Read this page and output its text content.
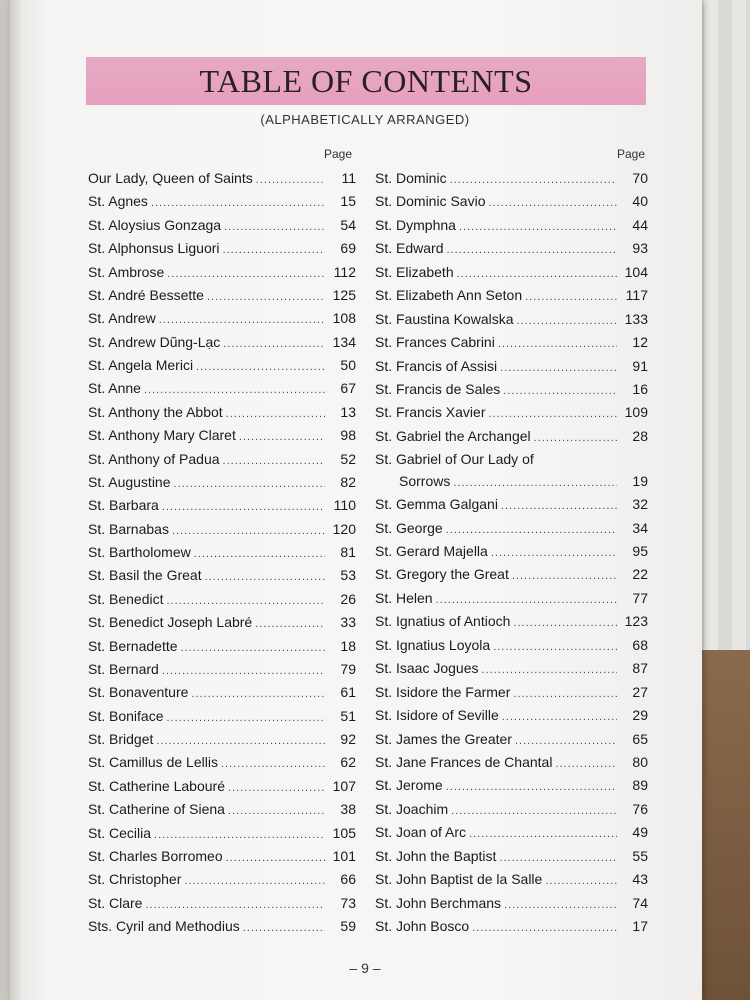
TABLE OF CONTENTS
(ALPHABETICALLY ARRANGED)
Page	Page
Our Lady, Queen of Saints .....	11
St. Agnes .....	15
St. Aloysius Gonzaga .....	54
St. Alphonsus Liguori .....	69
St. Ambrose .....	112
St. André Bessette .....	125
St. Andrew .....	108
St. Andrew Dũng-Lạc .....	134
St. Angela Merici .....	50
St. Anne .....	67
St. Anthony the Abbot .....	13
St. Anthony Mary Claret .....	98
St. Anthony of Padua .....	52
St. Augustine .....	82
St. Barbara .....	110
St. Barnabas .....	120
St. Bartholomew .....	81
St. Basil the Great .....	53
St. Benedict .....	26
St. Benedict Joseph Labré .....	33
St. Bernadette .....	18
St. Bernard .....	79
St. Bonaventure .....	61
St. Boniface .....	51
St. Bridget .....	92
St. Camillus de Lellis .....	62
St. Catherine Labouré .....	107
St. Catherine of Siena .....	38
St. Cecilia .....	105
St. Charles Borromeo .....	101
St. Christopher .....	66
St. Clare .....	73
Sts. Cyril and Methodius .....	59
St. Dominic .....	70
St. Dominic Savio .....	40
St. Dymphna .....	44
St. Edward .....	93
St. Elizabeth .....	104
St. Elizabeth Ann Seton .....	117
St. Faustina Kowalska .....	133
St. Frances Cabrini .....	12
St. Francis of Assisi .....	91
St. Francis de Sales .....	16
St. Francis Xavier .....	109
St. Gabriel the Archangel .....	28
St. Gabriel of Our Lady of
Sorrows .....	19
St. Gemma Galgani .....	32
St. George .....	34
St. Gerard Majella .....	95
St. Gregory the Great .....	22
St. Helen .....	77
St. Ignatius of Antioch .....	123
St. Ignatius Loyola .....	68
St. Isaac Jogues .....	87
St. Isidore the Farmer .....	27
St. Isidore of Seville .....	29
St. James the Greater .....	65
St. Jane Frances de Chantal .....	80
St. Jerome .....	89
St. Joachim .....	76
St. Joan of Arc .....	49
St. John the Baptist .....	55
St. John Baptist de la Salle .....	43
St. John Berchmans .....	74
St. John Bosco .....	17
– 9 –
